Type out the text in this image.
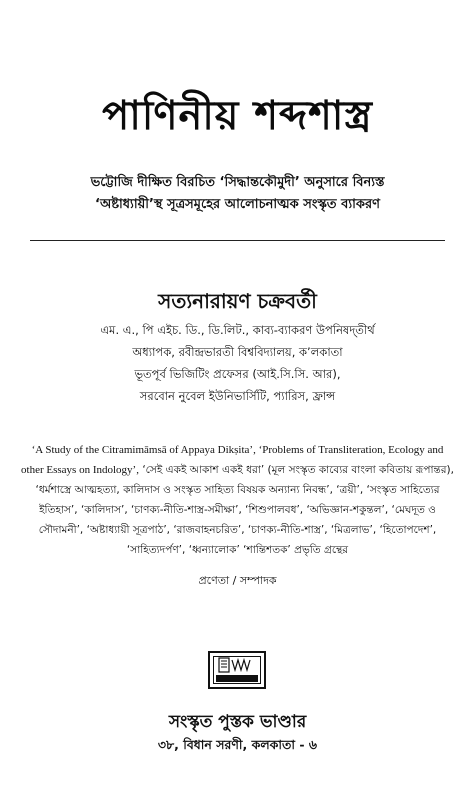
পাণিনীয় শব্দশাস্ত্র
ভট্টোজি দীক্ষিত বিরচিত ‘সিদ্ধান্তকৌমুদী’ অনুসারে বিন্যস্ত
‘অষ্টাধ্যায়ী’স্থ সূত্রসমূহের আলোচনাত্মক সংস্কৃত ব্যাকরণ
সত্যনারায়ণ চক্রবর্তী
এম. এ., পি এইচ. ডি., ডি.লিট., কাব্য-ব্যাকরণ উপনিষদ্‌তীর্থ
অধ্যাপক, রবীন্দ্রভারতী বিশ্ববিদ্যালয়, ক’লকাতা
ভূতপূর্ব ভিজিটিং প্রফেসর (আই.সি.সি. আর),
সরবোন নুবেল ইউনিভার্সিটি, প্যারিস, ফ্রান্স
‘A Study of the Citramimāmsā of Appaya Dikṣita’, ‘Problems of Transliteration, Ecology and other Essays on Indology’, ‘সেই একই আকাশ একই ধরা’ (মূল সংস্কৃত কাব্যের বাংলা কবিতায় রূপান্তর), ‘ধর্মশাস্ত্রে আত্মহত্যা, কালিদাস ও সংস্কৃত সাহিত্য বিষয়ক অন্যান্য নিবন্ধ’, ‘ত্রয়ী’, ‘সংস্কৃত সাহিত্যের ইতিহাস’, ‘কালিদাস’, ‘চাণক্য-নীতি-শাস্ত্র-সমীক্ষা’, ‘শিশুপালবধ’, ‘অভিজ্ঞান-শকুন্তল’, ‘মেঘদূত ও সৌদামনী’, ‘অষ্টাধ্যায়ী সূত্রপাঠ’, ‘রাজবাহনচরিত’, ‘চাণক্য-নীতি-শাস্ত্র’, ‘মিত্রলাভ’, ‘হিতোপদেশ’, ‘সাহিত্যদর্পণ’, ‘ধ্বন্যালোক’ ‘শান্তিশতক’ প্রভৃতি গ্রন্থের
প্রণেতা / সম্পাদক
সংস্কৃত পুস্তক ভাণ্ডার
৩৮, বিধান সরণী, কলকাতা - ৬
